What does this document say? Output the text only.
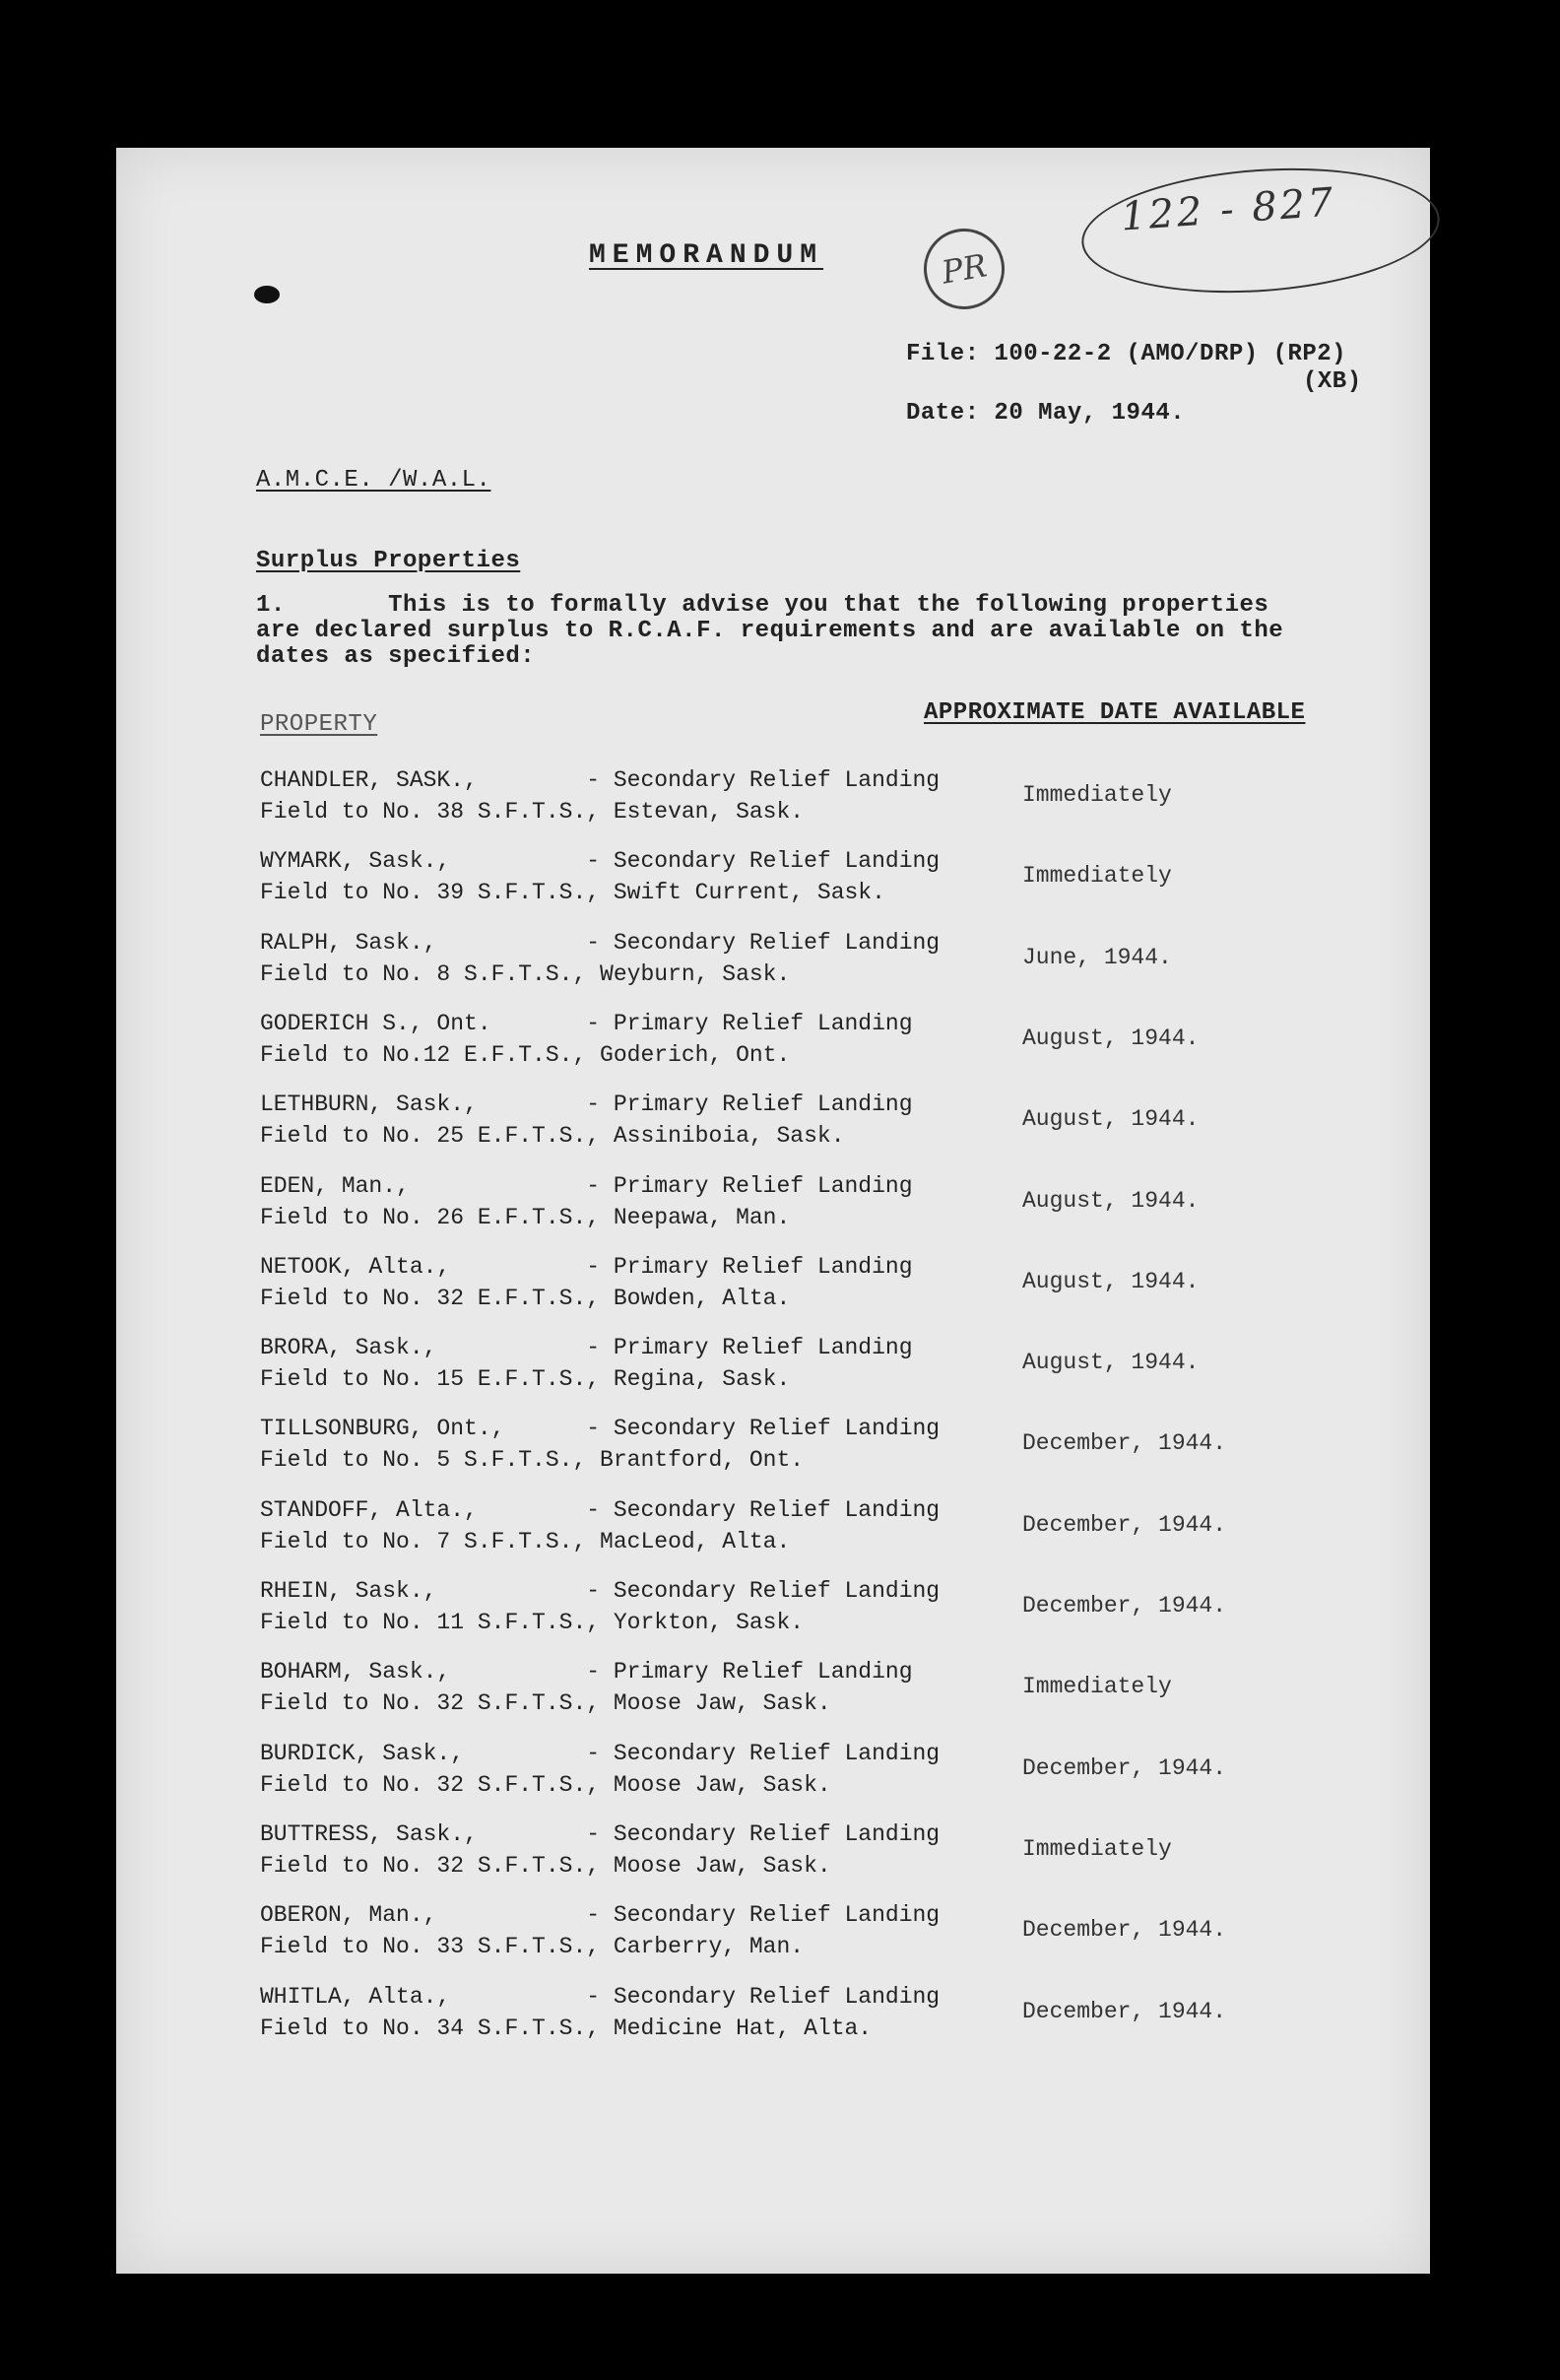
122 - 827
MEMORANDUM	PR
File: 100-22-2 (AMO/DRP) (RP2)
(XB)
Date: 20 May, 1944.
A.M.C.E. /W.A.L.
Surplus Properties
1.	This is to formally advise you that the following properties
are declared surplus to R.C.A.F. requirements and are available on the
dates as specified:
PROPERTY	APPROXIMATE DATE AVAILABLE
CHANDLER, SASK.,        - Secondary Relief Landing
Field to No. 38 S.F.T.S., Estevan, Sask.
Immediately
WYMARK, Sask.,          - Secondary Relief Landing
Field to No. 39 S.F.T.S., Swift Current, Sask.
Immediately
RALPH, Sask.,           - Secondary Relief Landing
Field to No. 8 S.F.T.S., Weyburn, Sask.
June, 1944.
GODERICH S., Ont.       - Primary Relief Landing
Field to No.12 E.F.T.S., Goderich, Ont.
August, 1944.
LETHBURN, Sask.,        - Primary Relief Landing
Field to No. 25 E.F.T.S., Assiniboia, Sask.
August, 1944.
EDEN, Man.,             - Primary Relief Landing
Field to No. 26 E.F.T.S., Neepawa, Man.
August, 1944.
NETOOK, Alta.,          - Primary Relief Landing
Field to No. 32 E.F.T.S., Bowden, Alta.
August, 1944.
BRORA, Sask.,           - Primary Relief Landing
Field to No. 15 E.F.T.S., Regina, Sask.
August, 1944.
TILLSONBURG, Ont.,      - Secondary Relief Landing
Field to No. 5 S.F.T.S., Brantford, Ont.
December, 1944.
STANDOFF, Alta.,        - Secondary Relief Landing
Field to No. 7 S.F.T.S., MacLeod, Alta.
December, 1944.
RHEIN, Sask.,           - Secondary Relief Landing
Field to No. 11 S.F.T.S., Yorkton, Sask.
December, 1944.
BOHARM, Sask.,          - Primary Relief Landing
Field to No. 32 S.F.T.S., Moose Jaw, Sask.
Immediately
BURDICK, Sask.,         - Secondary Relief Landing
Field to No. 32 S.F.T.S., Moose Jaw, Sask.
December, 1944.
BUTTRESS, Sask.,        - Secondary Relief Landing
Field to No. 32 S.F.T.S., Moose Jaw, Sask.
Immediately
OBERON, Man.,           - Secondary Relief Landing
Field to No. 33 S.F.T.S., Carberry, Man.
December, 1944.
WHITLA, Alta.,          - Secondary Relief Landing
Field to No. 34 S.F.T.S., Medicine Hat, Alta.
December, 1944.
